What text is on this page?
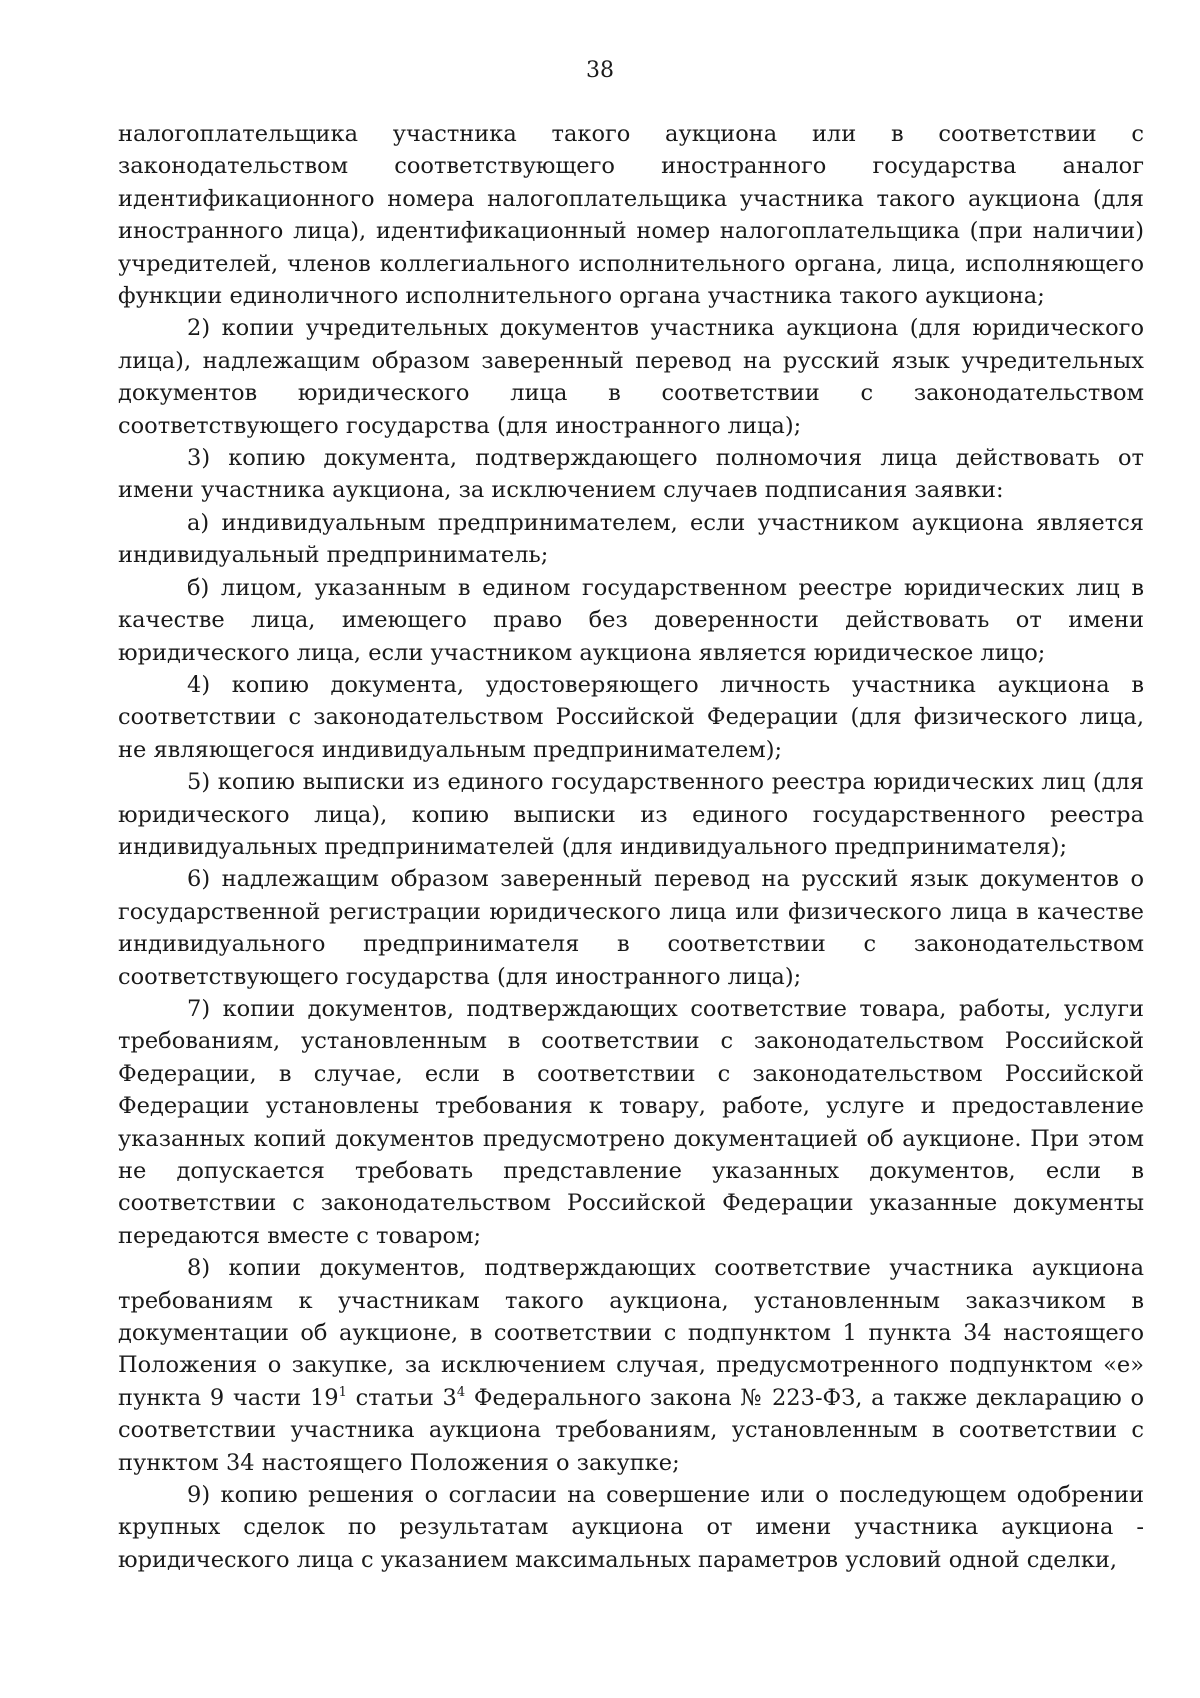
38

налогоплательщика участника такого аукциона или в соответствии с законодательством соответствующего иностранного государства аналог идентификационного номера налогоплательщика участника такого аукциона (для иностранного лица), идентификационный номер налогоплательщика (при наличии) учредителей, членов коллегиального исполнительного органа, лица, исполняющего функции единоличного исполнительного органа участника такого аукциона;

2) копии учредительных документов участника аукциона (для юридического лица), надлежащим образом заверенный перевод на русский язык учредительных документов юридического лица в соответствии с законодательством соответствующего государства (для иностранного лица);

3) копию документа, подтверждающего полномочия лица действовать от имени участника аукциона, за исключением случаев подписания заявки:

а) индивидуальным предпринимателем, если участником аукциона является индивидуальный предприниматель;

б) лицом, указанным в едином государственном реестре юридических лиц в качестве лица, имеющего право без доверенности действовать от имени юридического лица, если участником аукциона является юридическое лицо;

4) копию документа, удостоверяющего личность участника аукциона в соответствии с законодательством Российской Федерации (для физического лица, не являющегося индивидуальным предпринимателем);

5) копию выписки из единого государственного реестра юридических лиц (для юридического лица), копию выписки из единого государственного реестра индивидуальных предпринимателей (для индивидуального предпринимателя);

6) надлежащим образом заверенный перевод на русский язык документов о государственной регистрации юридического лица или физического лица в качестве индивидуального предпринимателя в соответствии с законодательством соответствующего государства (для иностранного лица);

7) копии документов, подтверждающих соответствие товара, работы, услуги требованиям, установленным в соответствии с законодательством Российской Федерации, в случае, если в соответствии с законодательством Российской Федерации установлены требования к товару, работе, услуге и предоставление указанных копий документов предусмотрено документацией об аукционе. При этом не допускается требовать представление указанных документов, если в соответствии с законодательством Российской Федерации указанные документы передаются вместе с товаром;

8) копии документов, подтверждающих соответствие участника аукциона требованиям к участникам такого аукциона, установленным заказчиком в документации об аукционе, в соответствии с подпунктом 1 пункта 34 настоящего Положения о закупке, за исключением случая, предусмотренного подпунктом «е» пункта 9 части $19^1$ статьи $3^4$ Федерального закона № 223-ФЗ, а также декларацию о соответствии участника аукциона требованиям, установленным в соответствии с пунктом 34 настоящего Положения о закупке;

9) копию решения о согласии на совершение или о последующем одобрении крупных сделок по результатам аукциона от имени участника аукциона - юридического лица с указанием максимальных параметров условий одной сделки,
